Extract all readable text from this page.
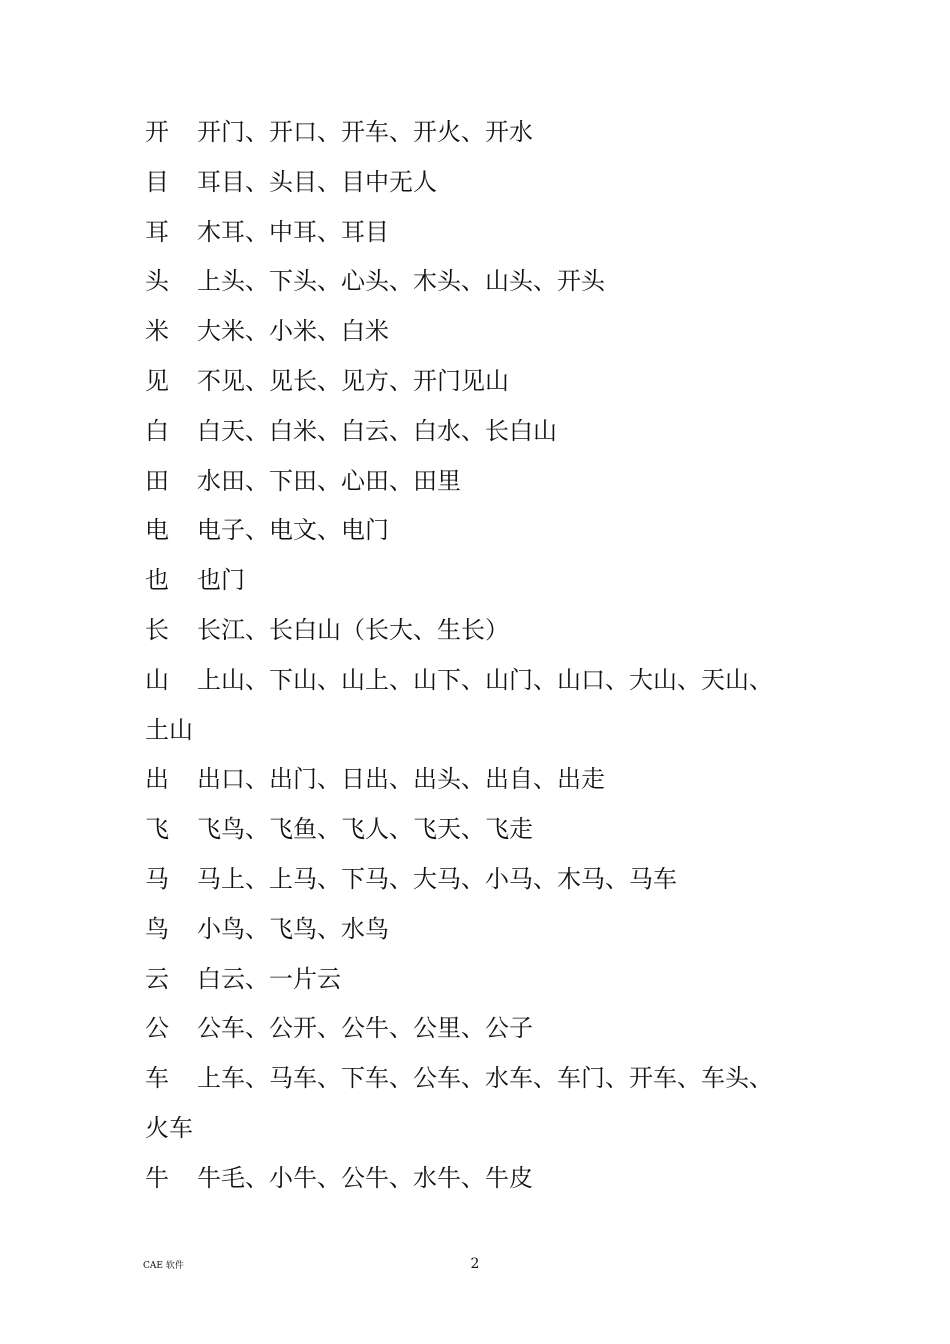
开 开门、开口、开车、开火、开水
目 耳目、头目、目中无人
耳 木耳、中耳、耳目
头 上头、下头、心头、木头、山头、开头
米 大米、小米、白米
见 不见、见长、见方、开门见山
白 白天、白米、白云、白水、长白山
田 水田、下田、心田、田里
电 电子、电文、电门
也 也门
长 长江、长白山（长大、生长）
山 上山、下山、山上、山下、山门、山口、大山、天山、
土山
出 出口、出门、日出、出头、出自、出走
飞 飞鸟、飞鱼、飞人、飞天、飞走
马 马上、上马、下马、大马、小马、木马、马车
鸟 小鸟、飞鸟、水鸟
云 白云、一片云
公 公车、公开、公牛、公里、公子
车 上车、马车、下车、公车、水车、车门、开车、车头、
火车
牛 牛毛、小牛、公牛、水牛、牛皮
CAE 软件	2
